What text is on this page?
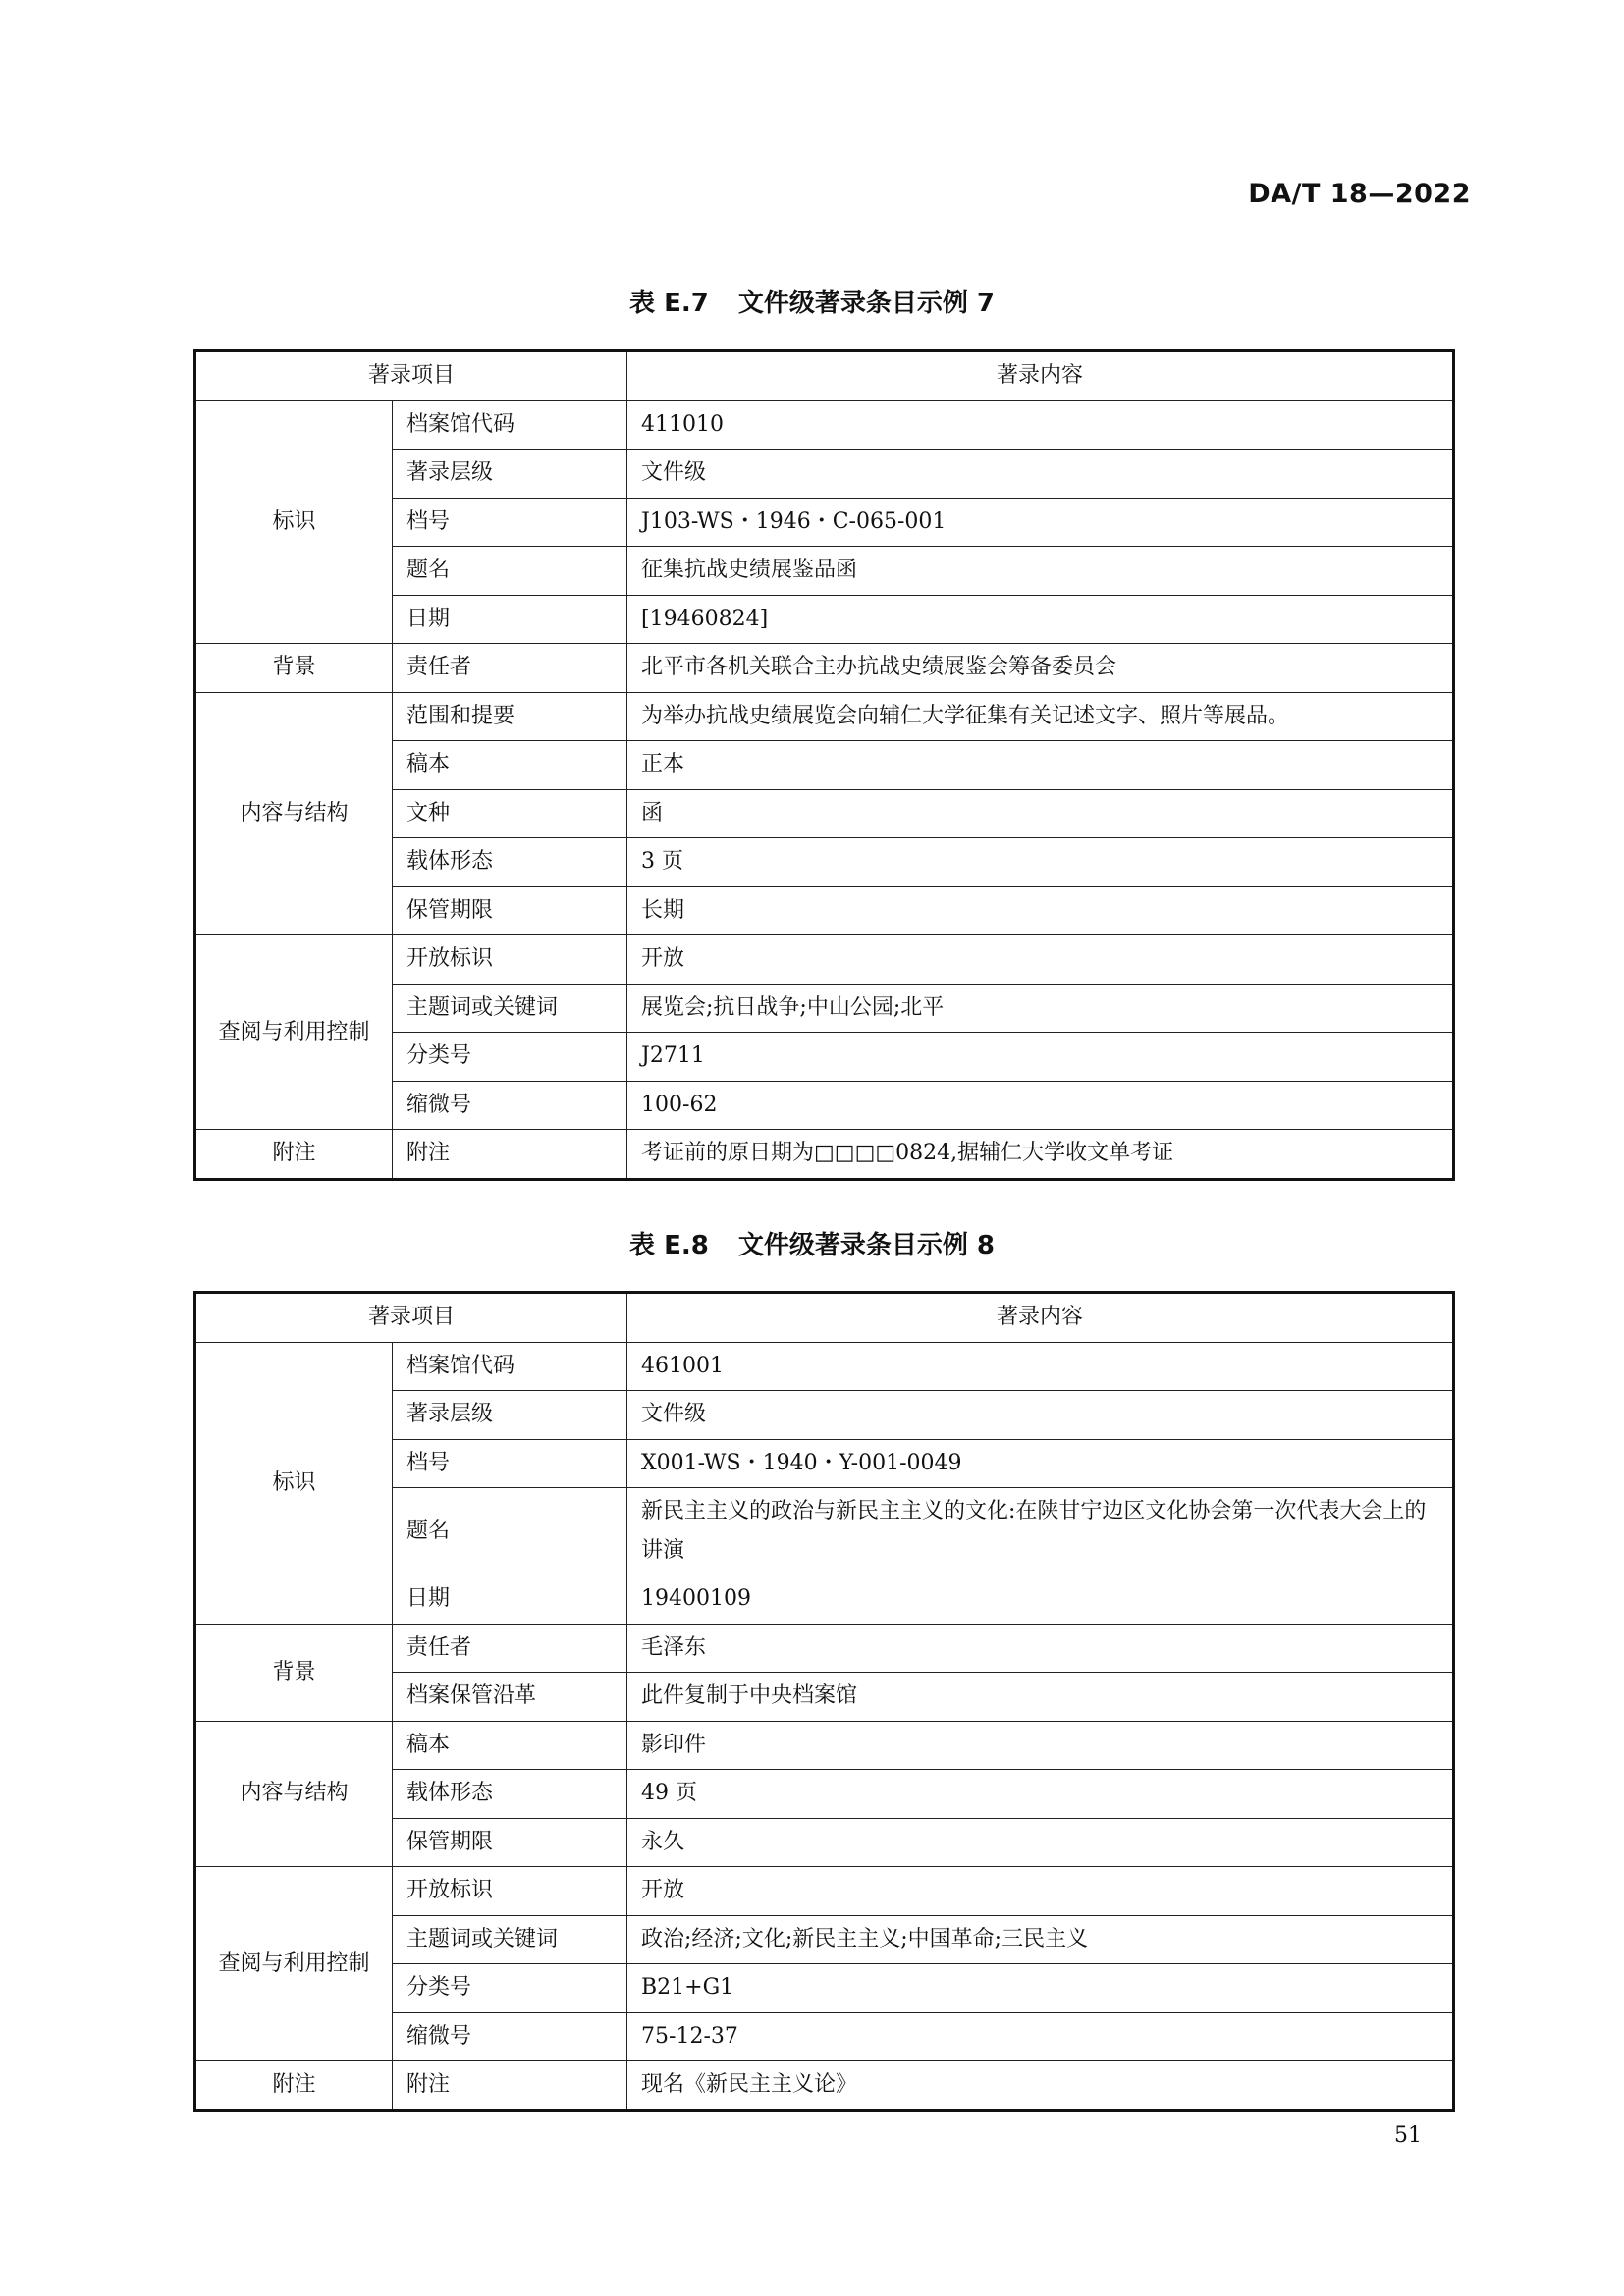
DA/T 18—2022
表 E.7 文件级著录条目示例 7
著录项目		著录内容
标识	档案馆代码	411010
	著录层级	文件级
	档号	J103-WS・1946・C-065-001
	题名	征集抗战史绩展鉴品函
	日期	[19460824]
背景	责任者	北平市各机关联合主办抗战史绩展鉴会筹备委员会
内容与结构	范围和提要	为举办抗战史绩展览会向辅仁大学征集有关记述文字、照片等展品。
	稿本	正本
	文种	函
	载体形态	3 页
	保管期限	长期
查阅与利用控制	开放标识	开放
	主题词或关键词	展览会;抗日战争;中山公园;北平
	分类号	J2711
	缩微号	100-62
附注	附注	考证前的原日期为□□□□0824,据辅仁大学收文单考证
表 E.8 文件级著录条目示例 8
著录项目		著录内容
标识	档案馆代码	461001
	著录层级	文件级
	档号	X001-WS・1940・Y-001-0049
	题名	新民主主义的政治与新民主主义的文化:在陕甘宁边区文化协会第一次代表大会上的讲演
	日期	19400109
背景	责任者	毛泽东
	档案保管沿革	此件复制于中央档案馆
内容与结构	稿本	影印件
	载体形态	49 页
	保管期限	永久
查阅与利用控制	开放标识	开放
	主题词或关键词	政治;经济;文化;新民主主义;中国革命;三民主义
	分类号	B21+G1
	缩微号	75-12-37
附注	附注	现名《新民主主义论》
51
